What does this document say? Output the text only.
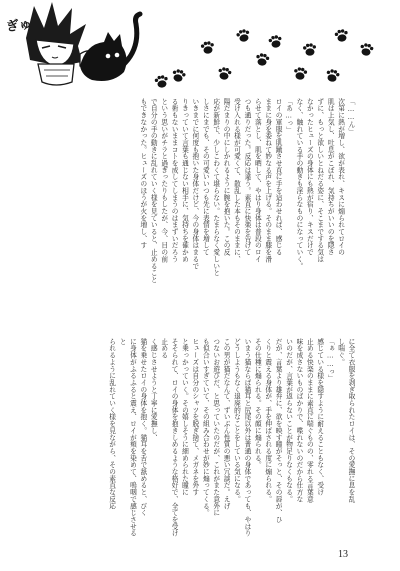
ぎゅ
「……ん」
次第に熱が増し、欲が表れ、キスに煽られてロイの
肌は上気し、吐息がこぼれ、気持ちがいいのを隠さ
ずに、もっと欲しいとねだる姿に、そこまでする気は
なかったヒューズの身体にも熱が宿り、キスだけで
なく、触れている手の動きも淫らなものになっていく。
「あ…っ」
ロイの軍服を肌蹴させ直に手を這わせれば、感じる
ままに身を委ねて妙なる声を上げる。そのまま膝を滑
らせて落とし、肌を晒して、やはり身体は普段のロイ
つも通りだった。反応は違う。素直に快楽を告げて
受け入れる様が可愛くて、散乱した本もそのままに、
陽だまりの中にしかれるように腕を抱いた。この反
応が新鮮で、少しこわくて堪らない。たまらなく愛しいと
しさにまでも、その可愛いいつも先に表情を増して
いきまでに何度も抱いた身体だけど、今の身体はまるで
りきっていて言葉も通じない相手に、気持ちを確かめ
る術もないままコトを成してしまうのはまずいだろう
という思いがチラと過ぎったりもしたが、今、目の前
で自分の手の動きに乱れていく様を見ていると、止めること
もできなかった。ヒューズのほうが火を増し、す
に全て衣服を剥ぎ取られたロイは、その愛撫に息を乱
し喘ぐ。
「ぁ……っ」
感じている様を隠すように耐えることもなく、受け
止める快楽のままに素直に喘ぐものの、零れる言葉意
味を成さないものばかりで、喋れないのだから仕方な
いのだが、言葉が返らないことが物足りなくもなる。
だが、言葉より雄弁に、欲を映す瞳がそっと、その唇が、ひ
くりと震える身体が、手を伸ばされる度に煽られる。
その仕種に煽られる。その顔に煽られる。
いまう猫ならば猫耳と尻尾以外は普通の身体であっても、やはり
どうしようもなく退廃的なことをしている気になる。
この男が猫だなんて、ずいぶん性質の悪い冗談だ。えげ
つないお遊びだ、と思っていたのだが、これがまた意外に
も似合いすぎていて、その組み合わせが妙に煽ってくる。
ヒューズは自分のシャツを脱ぎ捨て、メガネを外す
と乗っかっていく。その嬉しそうに細められた瞳に
そそられて、ロイの身体を抱きしめるような格好で、全てを受け止める
く感じさせようと丁寧に愛撫し、
猫を乗せたロイの身体を抱く。猫耳を舌で舐めると、びく
に身体がふるふると震え、ロイが頬を染めて、嗚咽で感じさせると
られるように乱れていく様を見ながら、その素直な反応
13
